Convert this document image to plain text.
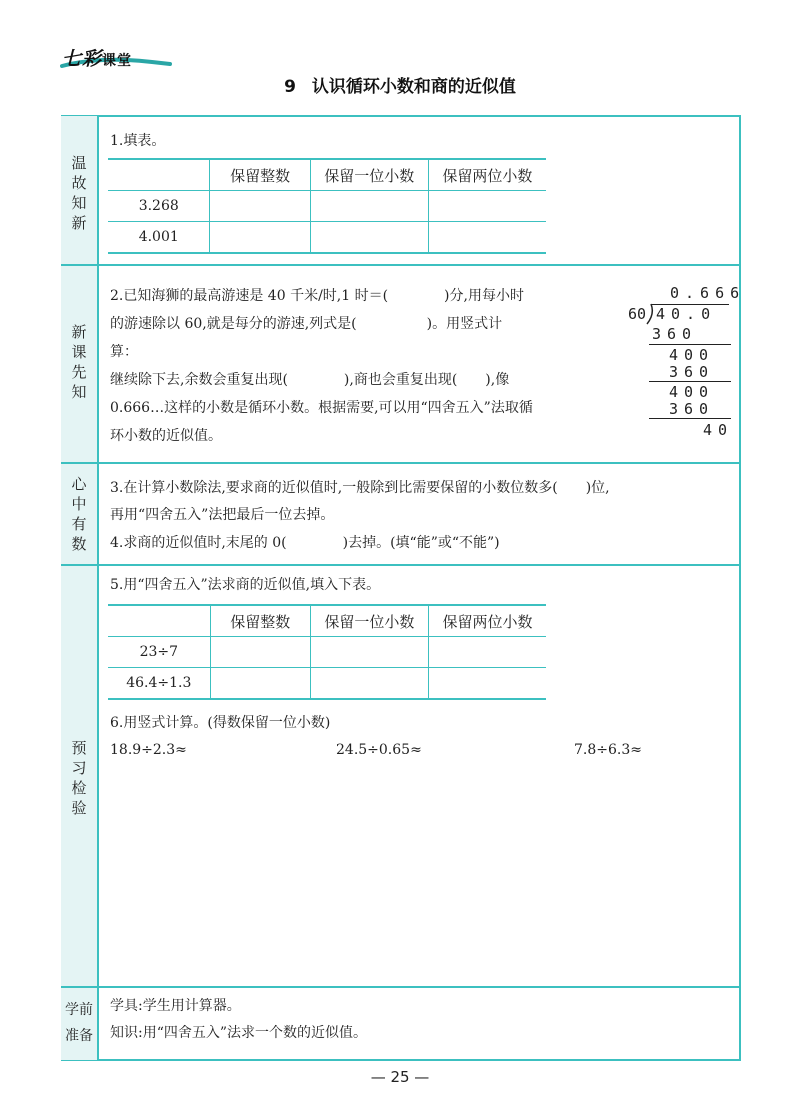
七彩课堂
9 认识循环小数和商的近似值
温
故
知
新
新
课
先
知
心
中
有
数
预
习
检
验
学前
准备
1.填表。
	保留整数	保留一位小数	保留两位小数
3.268			
4.001			
2.已知海狮的最高游速是 40 千米/时,1 时＝(　　　　)分,用每小时
的游速除以 60,就是每分的游速,列式是(　　　　　)。用竖式计
算：
继续除下去,余数会重复出现(　　　　),商也会重复出现(　　),像
0.666…这样的小数是循环小数。根据需要,可以用“四舍五入”法取循
环小数的近似值。
0.666
60 40.0
360
400
360
400
360
40
3.在计算小数除法,要求商的近似值时,一般除到比需要保留的小数位数多(　　)位,
再用“四舍五入”法把最后一位去掉。
4.求商的近似值时,末尾的 0(　　　　)去掉。(填“能”或“不能”)
5.用“四舍五入”法求商的近似值,填入下表。
	保留整数	保留一位小数	保留两位小数
23÷7			
46.4÷1.3			
6.用竖式计算。(得数保留一位小数)
18.9÷2.3≈	24.5÷0.65≈	7.8÷6.3≈
学具:学生用计算器。
知识:用“四舍五入”法求一个数的近似值。
— 25 —
